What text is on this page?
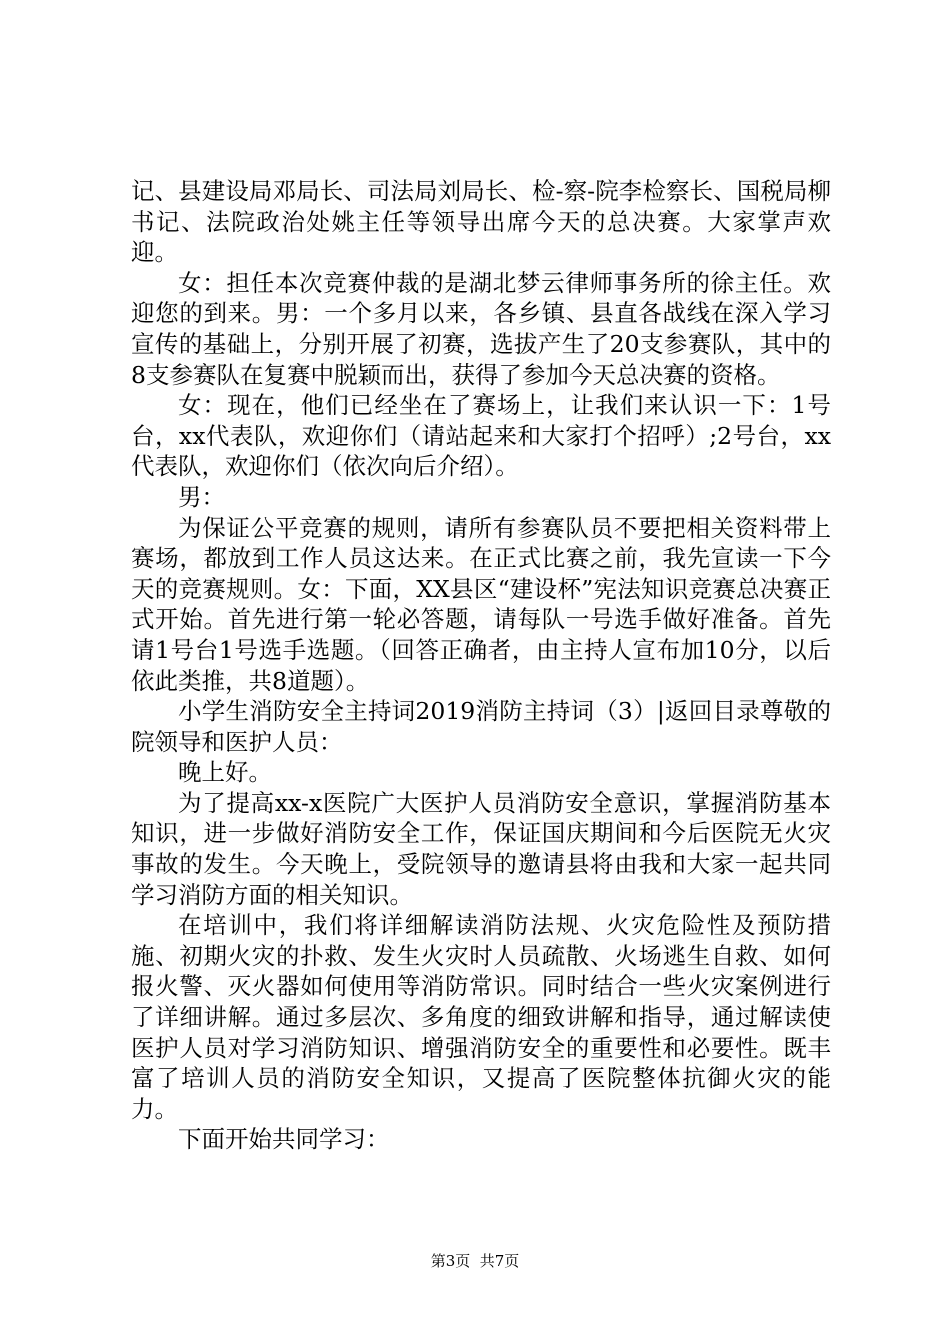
记、县建设局邓局长、司法局刘局长、检-察-院李检察长、国税局柳书记、法院政治处姚主任等领导出席今天的总决赛。大家掌声欢迎。

女：担任本次竞赛仲裁的是湖北梦云律师事务所的徐主任。欢迎您的到来。男：一个多月以来，各乡镇、县直各战线在深入学习宣传的基础上，分别开展了初赛，选拔产生了20支参赛队，其中的8支参赛队在复赛中脱颖而出，获得了参加今天总决赛的资格。

女：现在，他们已经坐在了赛场上，让我们来认识一下：1号台，xx代表队，欢迎你们（请站起来和大家打个招呼）;2号台，xx代表队，欢迎你们（依次向后介绍）。

男：

为保证公平竞赛的规则，请所有参赛队员不要把相关资料带上赛场，都放到工作人员这达来。在正式比赛之前，我先宣读一下今天的竞赛规则。女：下面，XX县区“建设杯”宪法知识竞赛总决赛正式开始。首先进行第一轮必答题，请每队一号选手做好准备。首先请1号台1号选手选题。（回答正确者，由主持人宣布加10分，以后依此类推，共8道题）。

小学生消防安全主持词2019消防主持词（3）|返回目录尊敬的院领导和医护人员：

晚上好。

为了提高xx-x医院广大医护人员消防安全意识，掌握消防基本知识，进一步做好消防安全工作，保证国庆期间和今后医院无火灾事故的发生。今天晚上，受院领导的邀请县将由我和大家一起共同学习消防方面的相关知识。

在培训中，我们将详细解读消防法规、火灾危险性及预防措施、初期火灾的扑救、发生火灾时人员疏散、火场逃生自救、如何报火警、灭火器如何使用等消防常识。同时结合一些火灾案例进行了详细讲解。通过多层次、多角度的细致讲解和指导，通过解读使医护人员对学习消防知识、增强消防安全的重要性和必要性。既丰富了培训人员的消防安全知识，又提高了医院整体抗御火灾的能力。

下面开始共同学习：

第3页  共7页
